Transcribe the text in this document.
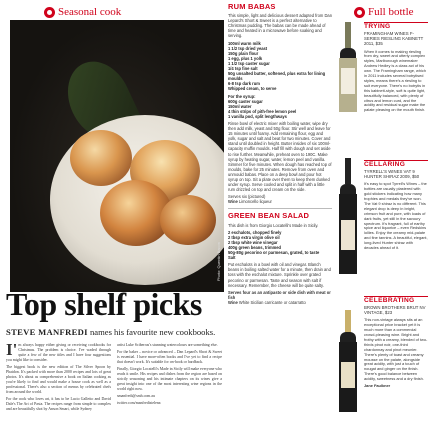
Seasonal cook
Photo: Quentin Bacon
Top shelf picks
STEVE MANFREDI names his favourite new cookbooks.

I'm always happy either giving or receiving cookbooks for Christmas. The problem is choice. I've waded through quite a few of the new titles and I have four suggestions you might like to consider.

The biggest book is the new edition of The Silver Spoon by Phaidon. It's packed with more than 2000 recipes and lots of great photos. It's about as comprehensive a book on Italian cooking as you're likely to find and would make a house cook as well as a professional. There's also a section of menus by celebrated chefs from around the world.

For the cook who loves art, it has to be Lucio Galletto and David Dale's The Art of Pasta. The recipes range from simple to complex and are beautifully shot by Anson Smart, while Sydney

artist Luke Sciberras's stunning watercolours are something else.

For the baker – novice or advanced – Dan Lepard's Short & Sweet is essential. I have more-often books and I've yet to find a recipe that doesn't work. It's suitable for on-hook or hardback.

Finally, Giorgio Locatelli's Made in Sicily will make everyone who reads it smile. His recipes and dishes from the region are based on strictly seasoning and his intimate chapters on its wines give a great insight into one of the most interesting wine regions in the world right now.

smanfredi@smh.com.au

twitter.com/manfredistelena

RUM BABAS

This simple, light and delicious dessert adapted from Dan Lepard's Short & Sweet is a perfect alternative to Christmas pudding. The babas can be made ahead of time and heated in a microwave before soaking and serving.

100ml warm milk
1 1/2 tsp dried yeast
150g plain flour
1 egg, plus 1 yolk
1 1/2 tsp caster sugar
1/4 tsp fine salt
50g unsalted butter, softened, plus extra for lining moulds
6-8 tsp dark rum
Whipped cream, to serve
For the syrup:
600g caster sugar
150ml water
4 thin strips of pith-free lemon peel
1 vanilla pod, split lengthways

Rinse bowl of electric mixer with boiling water, wipe dry then add milk, yeast and 50g flour. Stir well and leave for 15 minutes until foamy. Add remaining flour, egg and yolk, sugar and salt and beat for two minutes. Cover and stand until doubled in height. Butter insides of six 100ml-capacity muffin moulds. Half fill with dough and set aside to rise further. Meanwhile, preheat oven to 190C. Make syrup by heating sugar, water, lemon peel and vanilla. Simmer for five minutes. When dough has reached top of moulds, bake for 25 minutes. Remove from oven and unmould babas. Place on a deep bowl and pour hot syrup on top. Sit a plate over them to keep them dunked under syrup. Serve cooled and split in half with a little rum drizzled on top and cream on the side.

Serves six (pictured)

Wine Limoncello liqueur

GREEN BEAN SALAD

This dish is from Giorgio Locatelli's Made in Sicily.

2 eschalots, chopped finely
2 tbsp extra virgin olive oil
2 tbsp white wine vinegar
400g green beans, trimmed
50g-80g pecorino or parmesan, grated, to taste
Salt

Put eschalots in a bowl with oil and vinegar. Blanch beans in boiling salted water for a minute, then drain and toss with the eschalot mixture. Sprinkle over grated pecorino or parmesan. Taste and season with salt if necessary. Remember, the cheese will be quite salty.

Serves four as an antipasto or side dish with meat or fish

Wine White Sicilian carricante or catarratto

Full bottle
TRYING
FRAMINGHAM WINES F-SERIES RIESLING KABINETT 2011, $35

When it comes to making riesling from dry, sweet and utterly complex styles, Marlborough winemaker Andrew Hedley is a class act of his own. The Framingham range, which in 2011 includes several botrytised styles, means there's a riesling to suit everyone. There's no botrytis in this kabinett-style, soft is quite light, beautifully balanced, with plenty of citrus and lemon curd, and the acidity and residual sugar make the palate pleasing on the mouth finish.

CELLARING
TYRRELL'S WINES VAT 9 HUNTER SHIRAZ 2009, $50

It's easy to spot Tyrrell's Wines – the bottles are usually plastered with gold stickers indicating how many trophies and medals they've won. The Vat 9 shiraz is no different. This elegant drop is deep in bright, crimson fruit and pure, with loads of dark fruits, yet still in the savoury spectrum. It's fragrant, full of earthy spice and liquorice – even Redskins lollies. Enjoy the creamy mid-palate and fine tannins. A beautiful, elegant, long-lived Hunter shiraz with decades ahead of it.

CELEBRATING
BROWN BROTHERS BRUT NV VINTAGE, $23

This non-vintage always sits at an exceptional price bracket yet it is much more than a commercial crowd-pleasing wine. Bright and frothy with a creamy, blended of two-thirds pinot noir, one-third chardonnay and pinot meunier. There's plenty of toast and creamy mousse on the palate, alongside great acidity, with just a touch of nougat and ginger on the finish. There's good balance between acidity, sweetness and a dry finish.

Jane Faulkner
